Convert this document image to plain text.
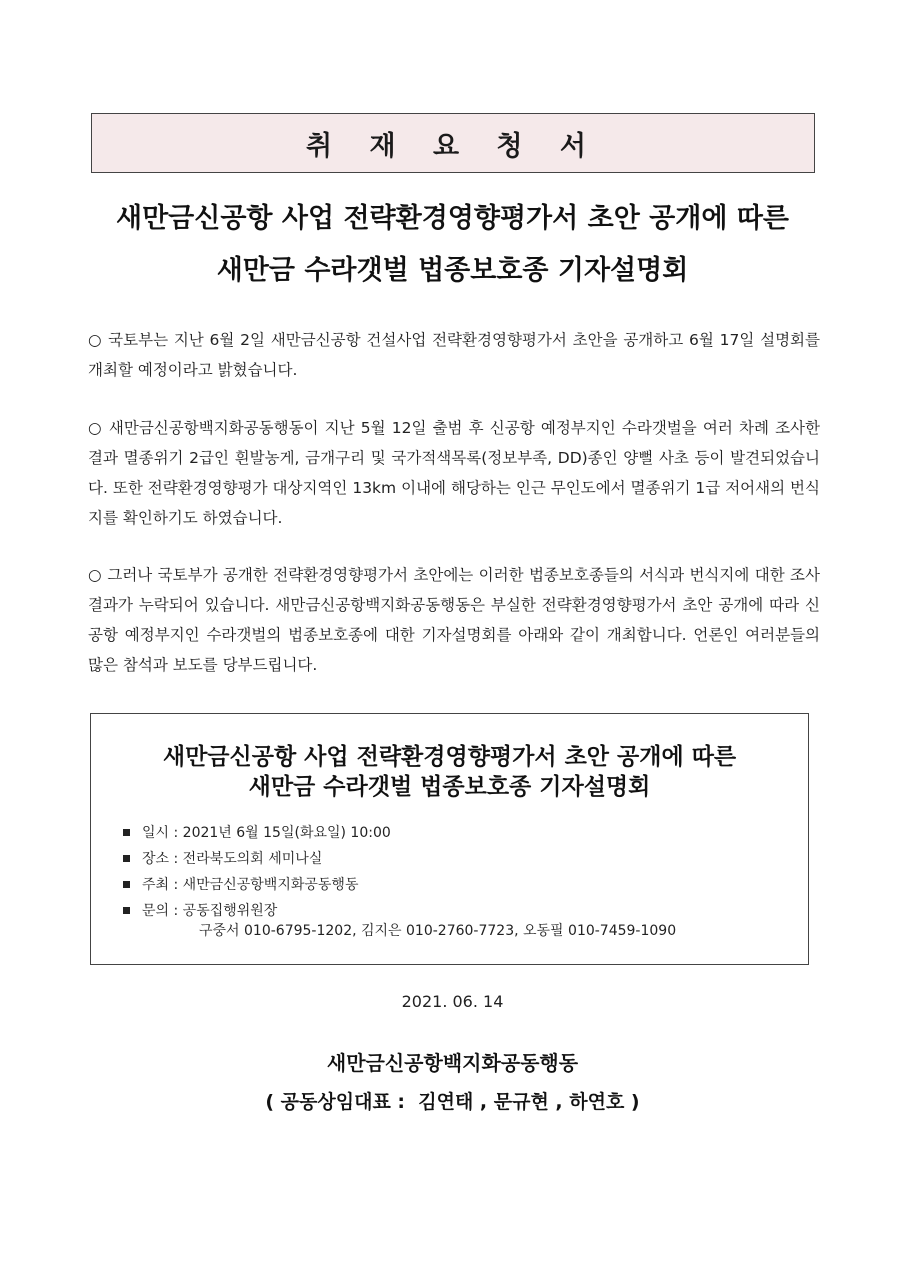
취 재 요 청 서
새만금신공항 사업 전략환경영향평가서 초안 공개에 따른
새만금 수라갯벌 법종보호종 기자설명회

○ 국토부는 지난 6월 2일 새만금신공항 건설사업 전략환경영향평가서 초안을 공개하고 6월 17일 설명회를 개최할 예정이라고 밝혔습니다.

○ 새만금신공항백지화공동행동이 지난 5월 12일 출범 후 신공항 예정부지인 수라갯벌을 여러 차례 조사한 결과 멸종위기 2급인 흰발농게, 금개구리 및 국가적색목록(정보부족, DD)종인 양뻘 사초 등이 발견되었습니다. 또한 전략환경영향평가 대상지역인 13km 이내에 해당하는 인근 무인도에서 멸종위기 1급 저어새의 번식지를 확인하기도 하였습니다.

○ 그러나 국토부가 공개한 전략환경영향평가서 초안에는 이러한 법종보호종들의 서식과 번식지에 대한 조사결과가 누락되어 있습니다. 새만금신공항백지화공동행동은 부실한 전략환경영향평가서 초안 공개에 따라 신공항 예정부지인 수라갯벌의 법종보호종에 대한 기자설명회를 아래와 같이 개최합니다. 언론인 여러분들의 많은 참석과 보도를 당부드립니다.

새만금신공항 사업 전략환경영향평가서 초안 공개에 따른
새만금 수라갯벌 법종보호종 기자설명회
일시 : 2021년 6월 15일(화요일) 10:00
장소 : 전라북도의회 세미나실
주최 : 새만금신공항백지화공동행동
문의 : 공동집행위원장
구중서 010-6795-1202, 김지은 010-2760-7723, 오동필 010-7459-1090
2021. 06. 14
새만금신공항백지화공동행동
( 공동상임대표 :  김연태 , 문규현 , 하연호 )
